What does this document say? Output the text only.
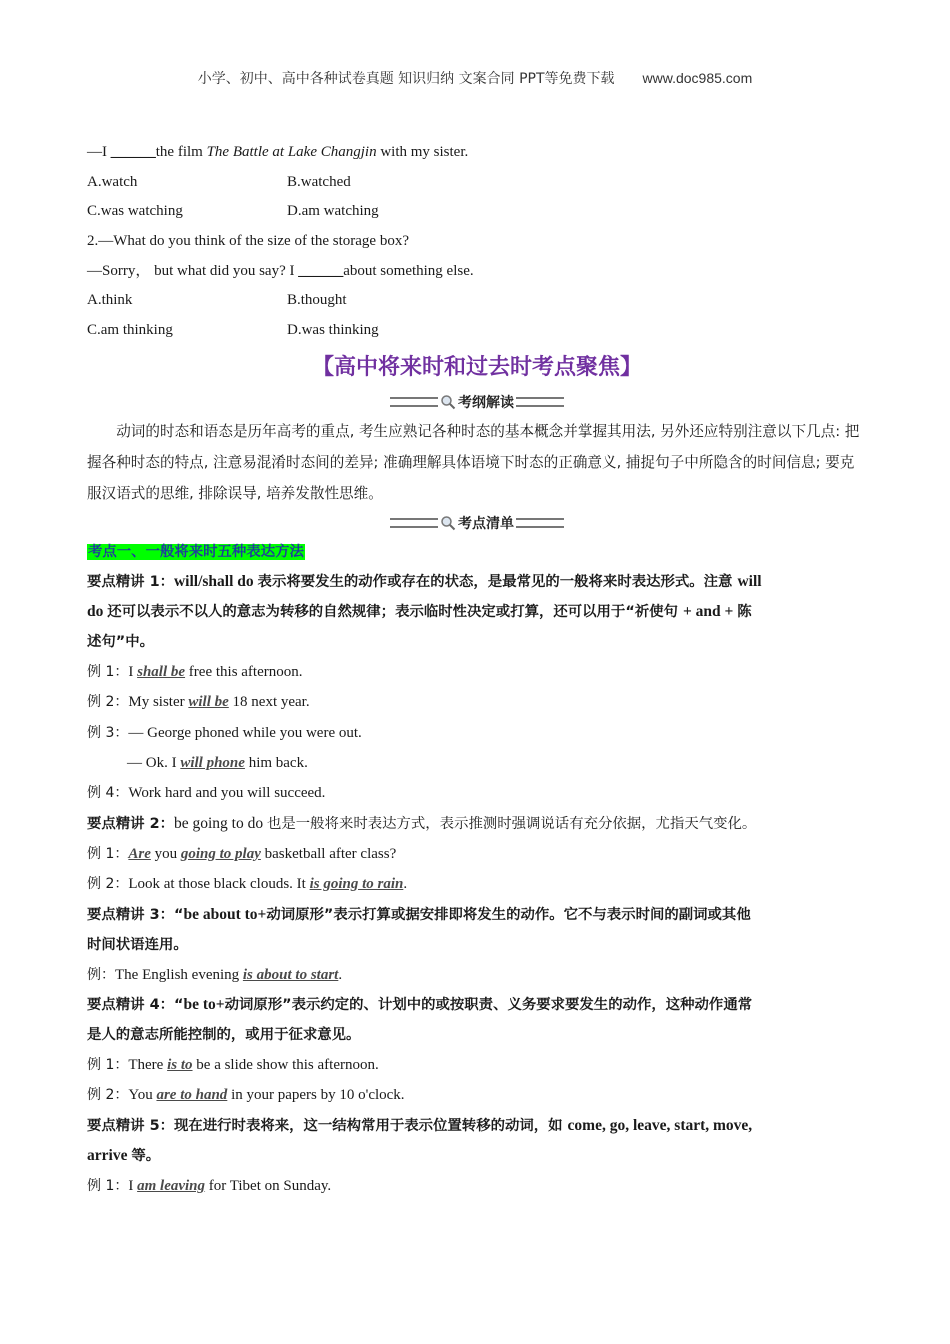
小学、初中、高中各种试卷真题 知识归纳 文案合同 PPT等免费下载 www.doc985.com
—I ______the film The Battle at Lake Changjin with my sister.
A.watch	B.watched
C.was watching	D.am watching
2.—What do you think of the size of the storage box?
—Sorry， but what did you say? I ______about something else.
A.think	B.thought
C.am thinking	D.was thinking
【高中将来时和过去时考点聚焦】
考纲解读
动词的时态和语态是历年高考的重点, 考生应熟记各种时态的基本概念并掌握其用法, 另外还应特别注意以下几点: 把握各种时态的特点, 注意易混淆时态间的差异; 准确理解具体语境下时态的正确意义, 捕捉句子中所隐含的时间信息; 要克服汉语式的思维, 排除误导, 培养发散性思维。
考点清单
考点一、一般将来时五种表达方法
要点精讲 1：will/shall do 表示将要发生的动作或存在的状态，是最常见的一般将来时表达形式。注意 will
do 还可以表示不以人的意志为转移的自然规律；表示临时性决定或打算，还可以用于“祈使句 + and + 陈
述句”中。
例 1：I shall be free this afternoon.
例 2：My sister will be 18 next year.
例 3：— George phoned while you were out.
— Ok. I will phone him back.
例 4：Work hard and you will succeed.
要点精讲 2：be going to do 也是一般将来时表达方式，表示推测时强调说话有充分依据，尤指天气变化。
例 1：Are you going to play basketball after class?
例 2：Look at those black clouds. It is going to rain.
要点精讲 3：“be about to+动词原形”表示打算或据安排即将发生的动作。它不与表示时间的副词或其他
时间状语连用。
例：The English evening is about to start.
要点精讲 4：“be to+动词原形”表示约定的、计划中的或按职责、义务要求要发生的动作，这种动作通常
是人的意志所能控制的，或用于征求意见。
例 1：There is to be a slide show this afternoon.
例 2：You are to hand in your papers by 10 o'clock.
要点精讲 5：现在进行时表将来，这一结构常用于表示位置转移的动词，如 come, go, leave, start, move,
arrive 等。
例 1：I am leaving for Tibet on Sunday.
